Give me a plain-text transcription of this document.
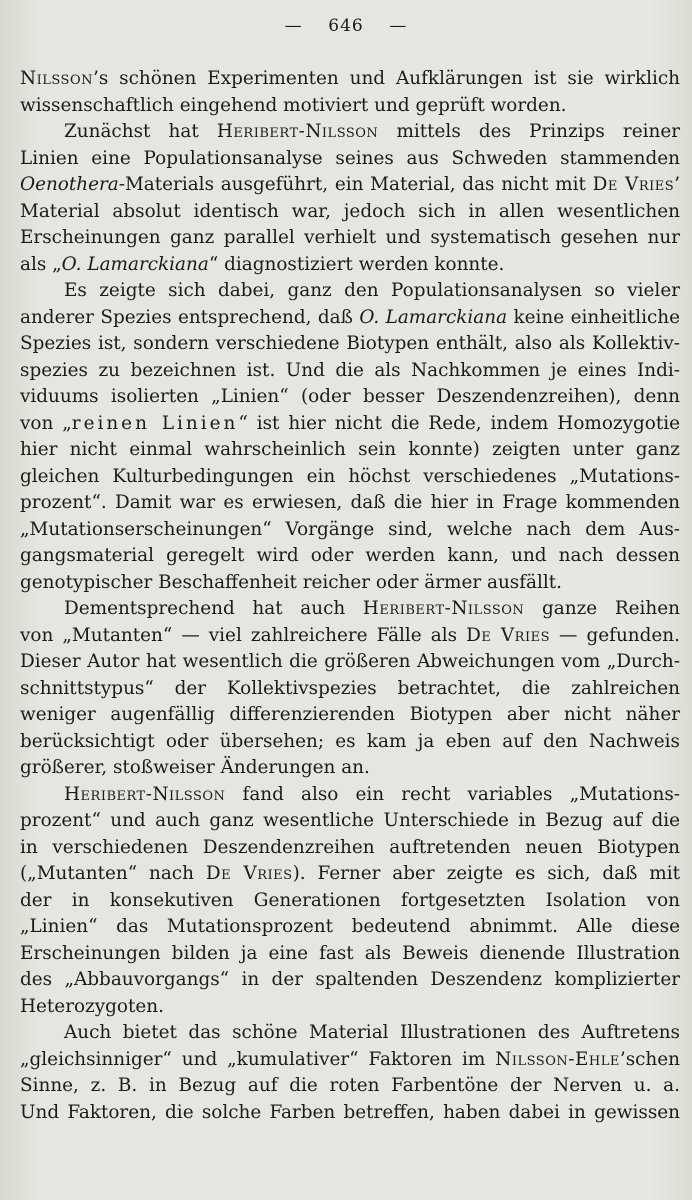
— 646 —

Nilsson’s schönen Experimenten und Aufklärungen ist sie wirklich
wissenschaftlich eingehend motiviert und geprüft worden.

Zunächst hat Heribert-Nilsson mittels des Prinzips reiner
Linien eine Populationsanalyse seines aus Schweden stammenden
Oenothera-Materials ausgeführt, ein Material, das nicht mit De Vries’
Material absolut identisch war, jedoch sich in allen wesentlichen
Erscheinungen ganz parallel verhielt und systematisch gesehen nur
als „O. Lamarckiana“ diagnostiziert werden konnte.

Es zeigte sich dabei, ganz den Populationsanalysen so vieler
anderer Spezies entsprechend, daß O. Lamarckiana keine einheitliche
Spezies ist, sondern verschiedene Biotypen enthält, also als Kollektiv-
spezies zu bezeichnen ist. Und die als Nachkommen je eines Indi-
viduums isolierten „Linien“ (oder besser Deszendenzreihen), denn
von „reinen Linien“ ist hier nicht die Rede, indem Homozygotie
hier nicht einmal wahrscheinlich sein konnte) zeigten unter ganz
gleichen Kulturbedingungen ein höchst verschiedenes „Mutations-
prozent“. Damit war es erwiesen, daß die hier in Frage kommenden
„Mutationserscheinungen“ Vorgänge sind, welche nach dem Aus-
gangsmaterial geregelt wird oder werden kann, und nach dessen
genotypischer Beschaffenheit reicher oder ärmer ausfällt.

Dementsprechend hat auch Heribert-Nilsson ganze Reihen
von „Mutanten“ — viel zahlreichere Fälle als De Vries — gefunden.
Dieser Autor hat wesentlich die größeren Abweichungen vom „Durch-
schnittstypus“ der Kollektivspezies betrachtet, die zahlreichen
weniger augenfällig differenzierenden Biotypen aber nicht näher
berücksichtigt oder übersehen; es kam ja eben auf den Nachweis
größerer, stoßweiser Änderungen an.

Heribert-Nilsson fand also ein recht variables „Mutations-
prozent“ und auch ganz wesentliche Unterschiede in Bezug auf die
in verschiedenen Deszendenzreihen auftretenden neuen Biotypen
(„Mutanten“ nach De Vries). Ferner aber zeigte es sich, daß mit
der in konsekutiven Generationen fortgesetzten Isolation von
„Linien“ das Mutationsprozent bedeutend abnimmt. Alle diese
Erscheinungen bilden ja eine fast als Beweis dienende Illustration
des „Abbauvorgangs“ in der spaltenden Deszendenz komplizierter
Heterozygoten.

Auch bietet das schöne Material Illustrationen des Auftretens
„gleichsinniger“ und „kumulativer“ Faktoren im Nilsson-Ehle’schen
Sinne, z. B. in Bezug auf die roten Farbentöne der Nerven u. a.
Und Faktoren, die solche Farben betreffen, haben dabei in gewissen
